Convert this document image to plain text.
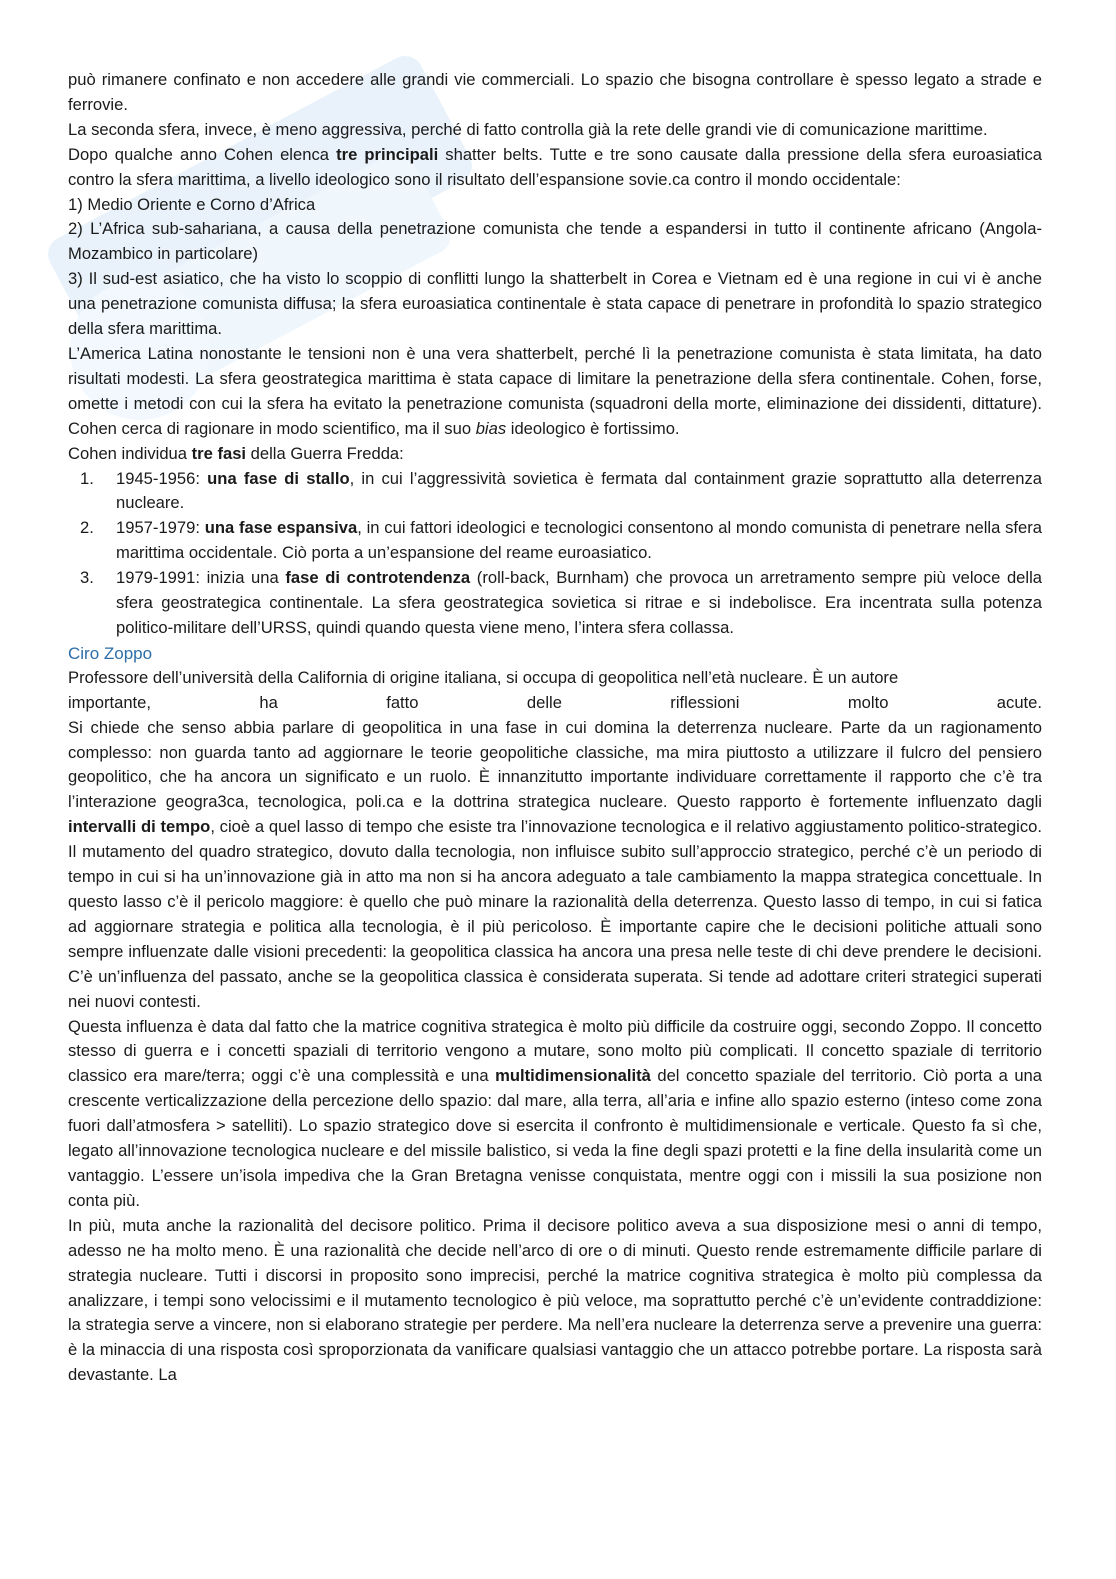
può rimanere confinato e non accedere alle grandi vie commerciali. Lo spazio che bisogna controllare è spesso legato a strade e ferrovie.

La seconda sfera, invece, è meno aggressiva, perché di fatto controlla già la rete delle grandi vie di comunicazione marittime.

Dopo qualche anno Cohen elenca tre principali shatter belts. Tutte e tre sono causate dalla pressione della sfera euroasiatica contro la sfera marittima, a livello ideologico sono il risultato dell’espansione sovie.ca contro il mondo occidentale:

1) Medio Oriente e Corno d’Africa

2) L’Africa sub-sahariana, a causa della penetrazione comunista che tende a espandersi in tutto il continente africano (Angola-Mozambico in particolare)

3) Il sud-est asiatico, che ha visto lo scoppio di conflitti lungo la shatterbelt in Corea e Vietnam ed è una regione in cui vi è anche una penetrazione comunista diffusa; la sfera euroasiatica continentale è stata capace di penetrare in profondità lo spazio strategico della sfera marittima.

L’America Latina nonostante le tensioni non è una vera shatterbelt, perché lì la penetrazione comunista è stata limitata, ha dato risultati modesti. La sfera geostrategica marittima è stata capace di limitare la penetrazione della sfera continentale. Cohen, forse, omette i metodi con cui la sfera ha evitato la penetrazione comunista (squadroni della morte, eliminazione dei dissidenti, dittature). Cohen cerca di ragionare in modo scientifico, ma il suo bias ideologico è fortissimo.

Cohen individua tre fasi della Guerra Fredda:

1. 1945-1956: una fase di stallo, in cui l’aggressività sovietica è fermata dal containment grazie soprattutto alla deterrenza nucleare.
2. 1957-1979: una fase espansiva, in cui fattori ideologici e tecnologici consentono al mondo comunista di penetrare nella sfera marittima occidentale. Ciò porta a un’espansione del reame euroasiatico.
3. 1979-1991: inizia una fase di controtendenza (roll-back, Burnham) che provoca un arretramento sempre più veloce della sfera geostrategica continentale. La sfera geostrategica sovietica si ritrae e si indebolisce. Era incentrata sulla potenza politico-militare dell’URSS, quindi quando questa viene meno, l’intera sfera collassa.
Ciro Zoppo

Professore dell’università della California di origine italiana, si occupa di geopolitica nell’età nucleare. È un autore

importante, ha fatto delle riflessioni molto acute.

Si chiede che senso abbia parlare di geopolitica in una fase in cui domina la deterrenza nucleare. Parte da un ragionamento complesso: non guarda tanto ad aggiornare le teorie geopolitiche classiche, ma mira piuttosto a utilizzare il fulcro del pensiero geopolitico, che ha ancora un significato e un ruolo. È innanzitutto importante individuare correttamente il rapporto che c’è tra l’interazione geogra3ca, tecnologica, poli.ca e la dottrina strategica nucleare. Questo rapporto è fortemente influenzato dagli intervalli di tempo, cioè a quel lasso di tempo che esiste tra l’innovazione tecnologica e il relativo aggiustamento politico-strategico. Il mutamento del quadro strategico, dovuto dalla tecnologia, non influisce subito sull’approccio strategico, perché c’è un periodo di tempo in cui si ha un’innovazione già in atto ma non si ha ancora adeguato a tale cambiamento la mappa strategica concettuale. In questo lasso c’è il pericolo maggiore: è quello che può minare la razionalità della deterrenza. Questo lasso di tempo, in cui si fatica ad aggiornare strategia e politica alla tecnologia, è il più pericoloso. È importante capire che le decisioni politiche attuali sono sempre influenzate dalle visioni precedenti: la geopolitica classica ha ancora una presa nelle teste di chi deve prendere le decisioni. C’è un’influenza del passato, anche se la geopolitica classica è considerata superata. Si tende ad adottare criteri strategici superati nei nuovi contesti.

Questa influenza è data dal fatto che la matrice cognitiva strategica è molto più difficile da costruire oggi, secondo Zoppo. Il concetto stesso di guerra e i concetti spaziali di territorio vengono a mutare, sono molto più complicati. Il concetto spaziale di territorio classico era mare/terra; oggi c’è una complessità e una multidimensionalità del concetto spaziale del territorio. Ciò porta a una crescente verticalizzazione della percezione dello spazio: dal mare, alla terra, all’aria e infine allo spazio esterno (inteso come zona fuori dall’atmosfera > satelliti). Lo spazio strategico dove si esercita il confronto è multidimensionale e verticale. Questo fa sì che, legato all’innovazione tecnologica nucleare e del missile balistico, si veda la fine degli spazi protetti e la fine della insularità come un vantaggio. L’essere un’isola impediva che la Gran Bretagna venisse conquistata, mentre oggi con i missili la sua posizione non conta più.

In più, muta anche la razionalità del decisore politico. Prima il decisore politico aveva a sua disposizione mesi o anni di tempo, adesso ne ha molto meno. È una razionalità che decide nell’arco di ore o di minuti. Questo rende estremamente difficile parlare di strategia nucleare. Tutti i discorsi in proposito sono imprecisi, perché la matrice cognitiva strategica è molto più complessa da analizzare, i tempi sono velocissimi e il mutamento tecnologico è più veloce, ma soprattutto perché c’è un’evidente contraddizione: la strategia serve a vincere, non si elaborano strategie per perdere. Ma nell’era nucleare la deterrenza serve a prevenire una guerra: è la minaccia di una risposta così sproporzionata da vanificare qualsiasi vantaggio che un attacco potrebbe portare. La risposta sarà devastante. La
